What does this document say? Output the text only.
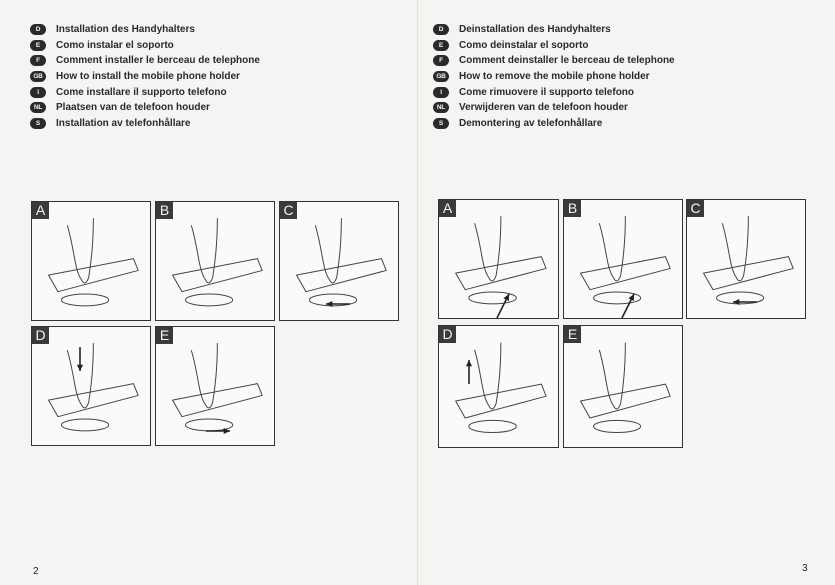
D	Installation des Handyhalters
E	Como instalar el soporto
F	Comment installer le berceau de telephone
GB	How to install the mobile phone holder
I	Come installare il supporto telefono
NL	Plaatsen van de telefoon houder
S	Installation av telefonhållare
A	B	C
D	E
2
D	Deinstallation des Handyhalters
E	Como deinstalar el soporto
F	Comment deinstaller le berceau de telephone
GB	How to remove the mobile phone holder
I	Come rimuovere il supporto telefono
NL	Verwijderen van de telefoon houder
S	Demontering av telefonhållare
A	B	C
D	E
3
